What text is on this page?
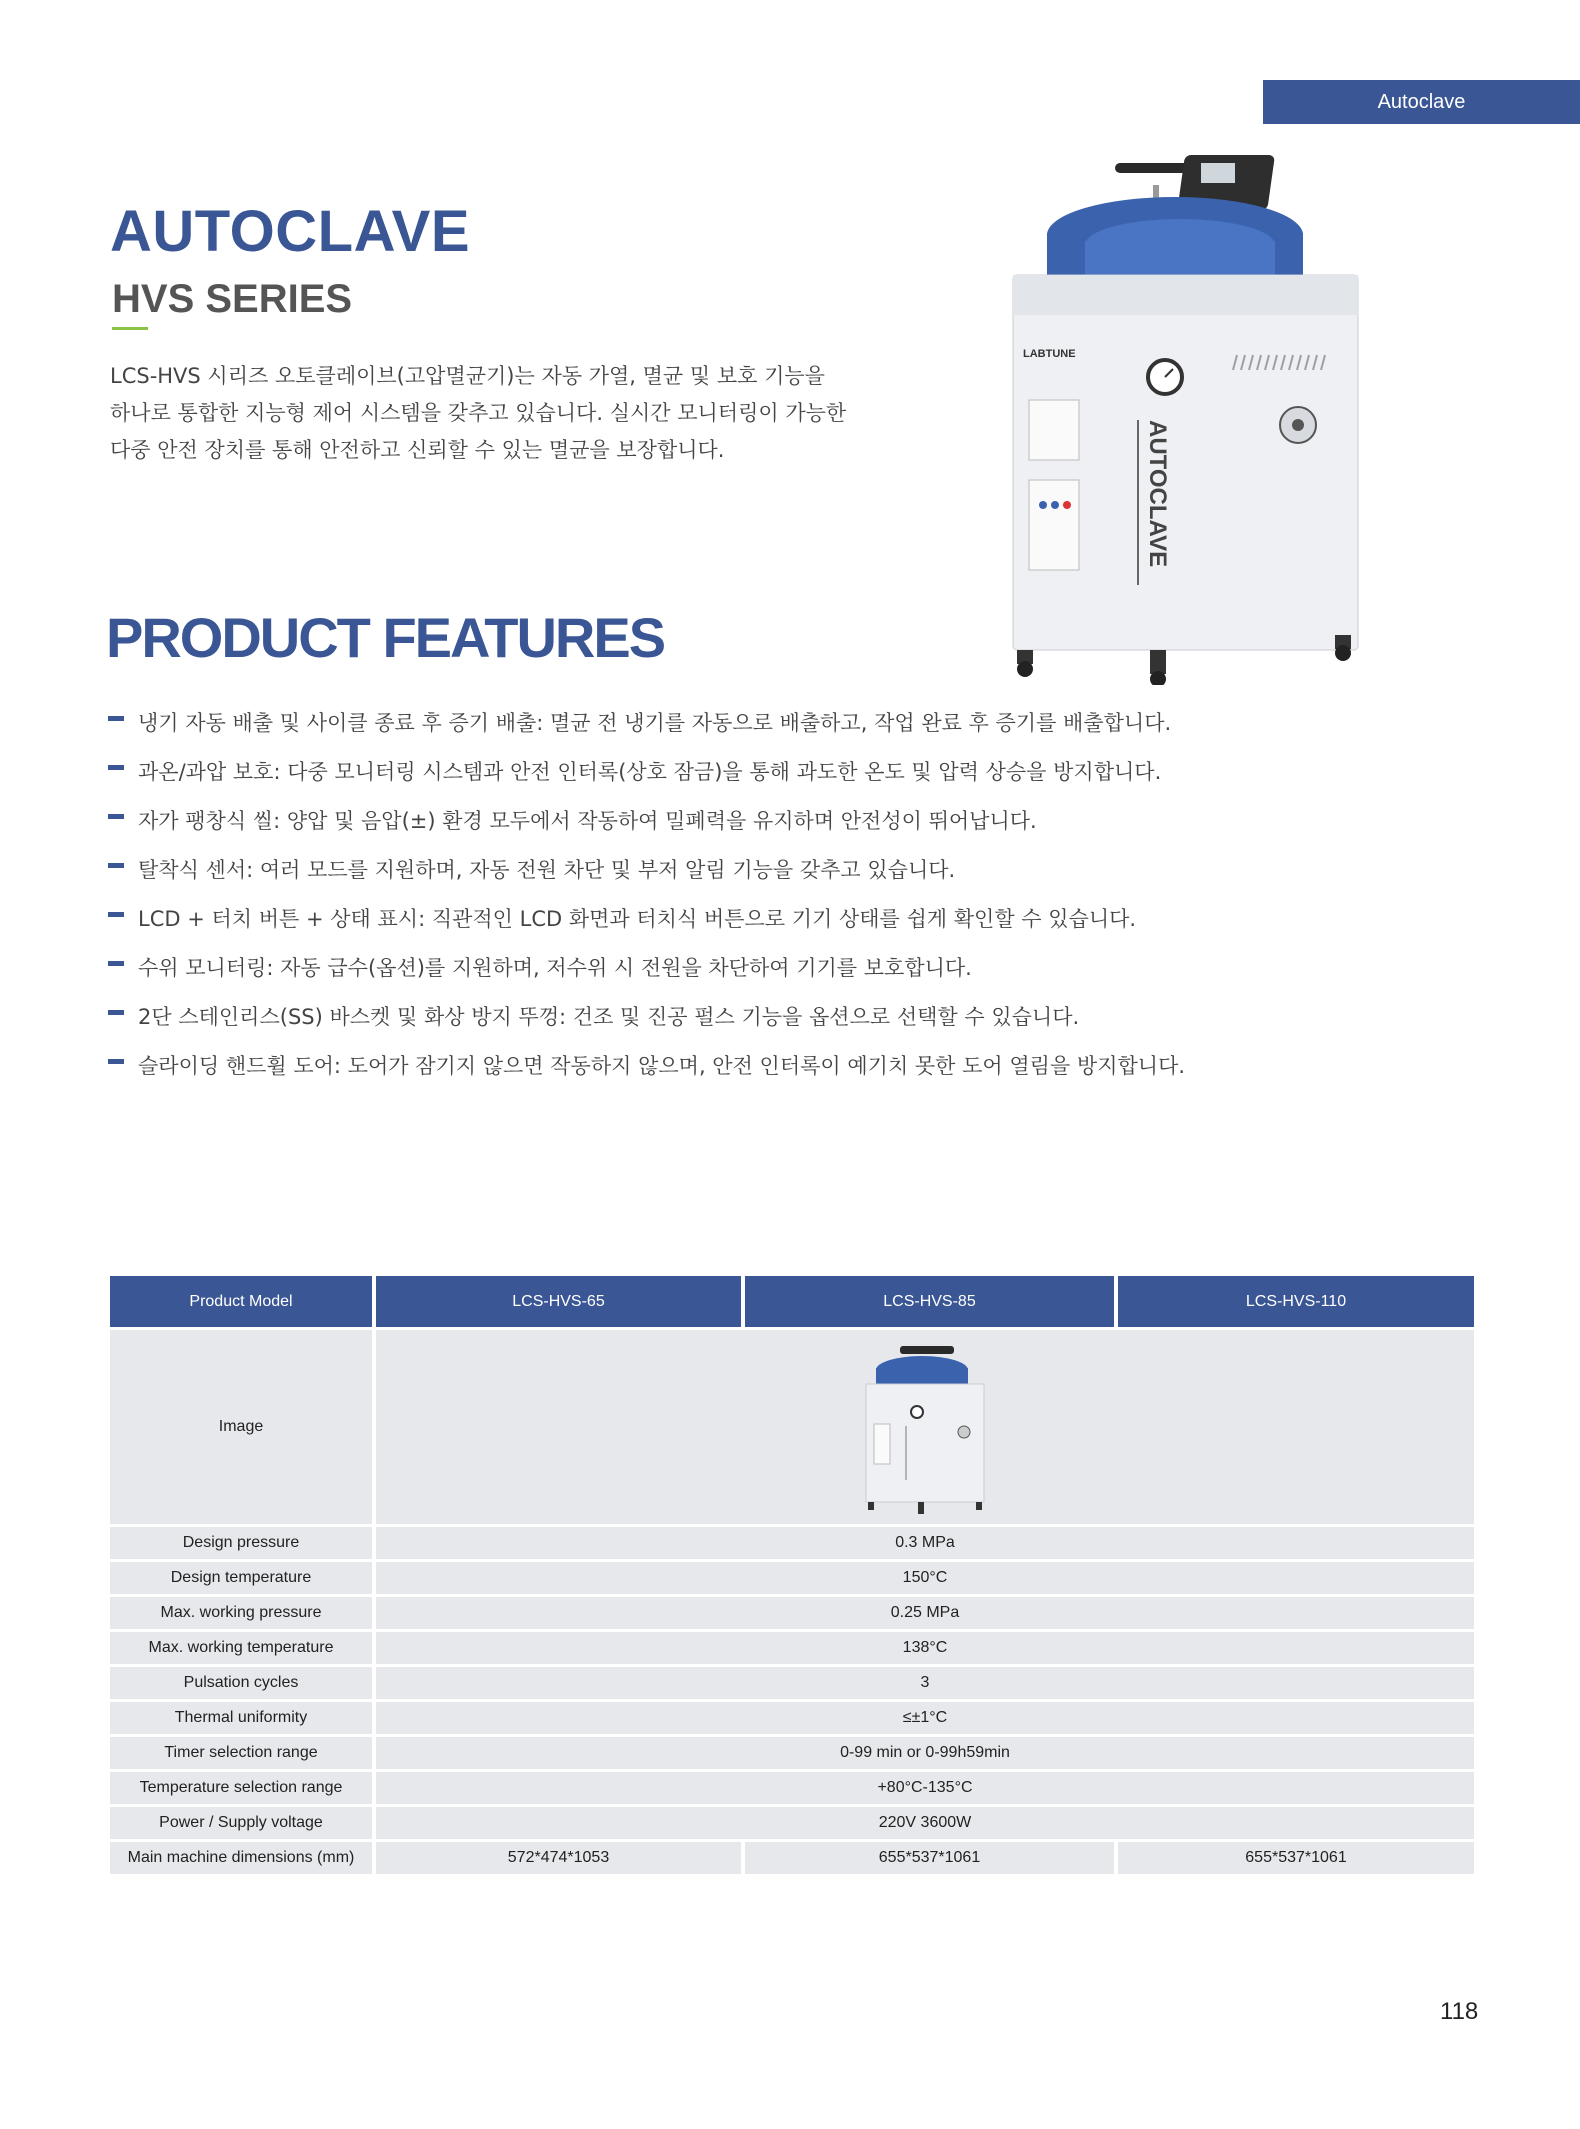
Autoclave
AUTOCLAVE
HVS SERIES

LCS-HVS 시리즈 오토클레이브(고압멸균기)는 자동 가열, 멸균 및 보호 기능을

하나로 통합한 지능형 제어 시스템을 갖추고 있습니다. 실시간 모니터링이 가능한

다중 안전 장치를 통해 안전하고 신뢰할 수 있는 멸균을 보장합니다.

LABTUNE
AUTOCLAVE
PRODUCT FEATURES
냉기 자동 배출 및 사이클 종료 후 증기 배출: 멸균 전 냉기를 자동으로 배출하고, 작업 완료 후 증기를 배출합니다.
과온/과압 보호: 다중 모니터링 시스템과 안전 인터록(상호 잠금)을 통해 과도한 온도 및 압력 상승을 방지합니다.
자가 팽창식 씰: 양압 및 음압(±) 환경 모두에서 작동하여 밀폐력을 유지하며 안전성이 뛰어납니다.
탈착식 센서: 여러 모드를 지원하며, 자동 전원 차단 및 부저 알림 기능을 갖추고 있습니다.
LCD + 터치 버튼 + 상태 표시: 직관적인 LCD 화면과 터치식 버튼으로 기기 상태를 쉽게 확인할 수 있습니다.
수위 모니터링: 자동 급수(옵션)를 지원하며, 저수위 시 전원을 차단하여 기기를 보호합니다.
2단 스테인리스(SS) 바스켓 및 화상 방지 뚜껑: 건조 및 진공 펄스 기능을 옵션으로 선택할 수 있습니다.
슬라이딩 핸드휠 도어: 도어가 잠기지 않으면 작동하지 않으며, 안전 인터록이 예기치 못한 도어 열림을 방지합니다.
Product Model	LCS-HVS-65	LCS-HVS-85	LCS-HVS-110
Image	

Design pressure	0.3 MPa		
Design temperature	150°C		
Max. working pressure	0.25 MPa		
Max. working temperature	138°C		
Pulsation cycles	3		
Thermal uniformity	≤±1°C		
Timer selection range	0-99 min or 0-99h59min		
Temperature selection range	+80°C-135°C		
Power / Supply voltage	220V 3600W		
Main machine dimensions (mm)	572*474*1053	655*537*1061	655*537*1061
118
